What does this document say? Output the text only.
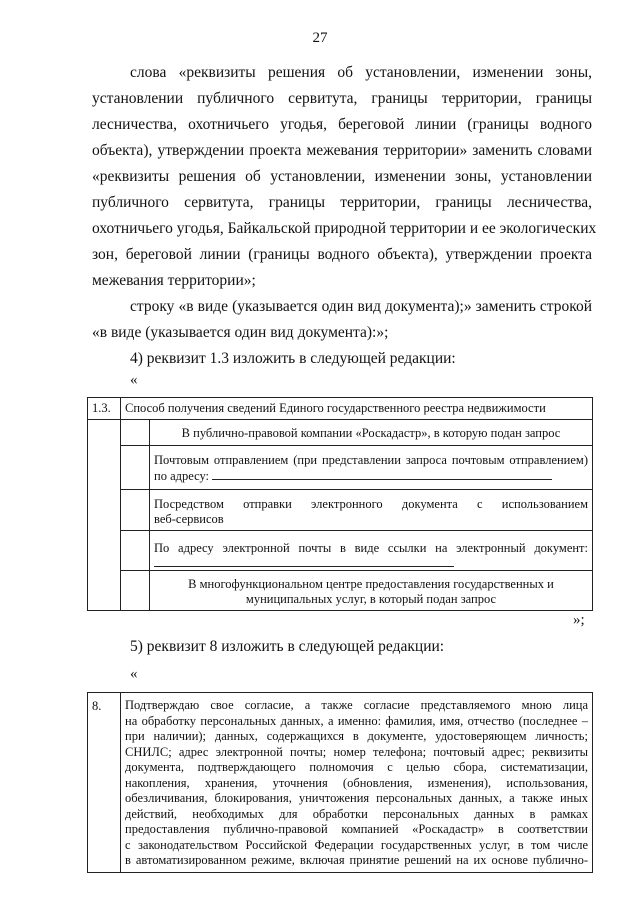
27
слова «реквизиты решения об установлении, изменении зоны,
установлении публичного сервитута, границы территории, границы
лесничества, охотничьего угодья, береговой линии (границы водного
объекта), утверждении проекта межевания территории» заменить словами
«реквизиты решения об установлении, изменении зоны, установлении
публичного сервитута, границы территории, границы лесничества,
охотничьего угодья, Байкальской природной территории и ее экологических
зон, береговой линии (границы водного объекта), утверждении проекта
межевания территории»;
строку «в виде (указывается один вид документа);» заменить строкой
«в виде (указывается один вид документа):»;
4) реквизит 1.3 изложить в следующей редакции:
«
1.3.	Способ получения сведений Единого государственного реестра недвижимости	
		В публично-правовой компании «Роскадастр», в которую подан запрос

		Почтовым отправлением (при представлении запроса почтовым отправлением)
по адресу:

		Посредством отправки электронного документа с использованием
веб-сервисов

		По адресу электронной почты в виде ссылки на электронный документ:

		В многофункциональном центре предоставления государственных и
муниципальных услуг, в который подан запрос
»;
5) реквизит 8 изложить в следующей редакции:
«
8.	Подтверждаю свое согласие, а также согласие представляемого мною лица
на обработку персональных данных, а именно: фамилия, имя, отчество (последнее –
при наличии); данных, содержащихся в документе, удостоверяющем личность;
СНИЛС; адрес электронной почты; номер телефона; почтовый адрес; реквизиты
документа, подтверждающего полномочия с целью сбора, систематизации,
накопления, хранения, уточнения (обновления, изменения), использования,
обезличивания, блокирования, уничтожения персональных данных, а также иных
действий, необходимых для обработки персональных данных в рамках
предоставления публично-правовой компанией «Роскадастр» в соответствии
с законодательством Российской Федерации государственных услуг, в том числе
в автоматизированном режиме, включая принятие решений на их основе публично-
